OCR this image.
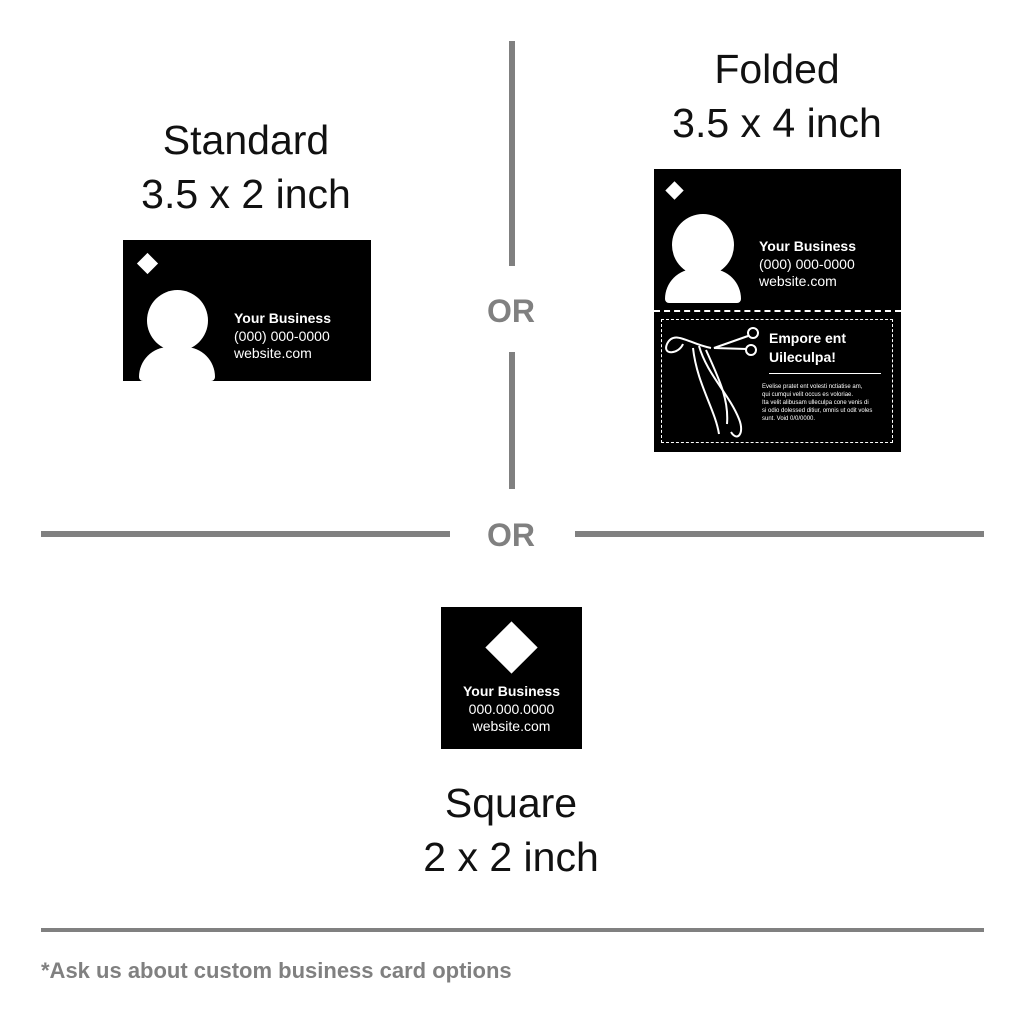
Standard
3.5 x 2 inch
Your Business
(000) 000-0000
website.com
OR
Folded
3.5 x 4 inch
Your Business
(000) 000-0000
website.com
Empore ent
Uileculpa!
Evelise pratet ent volesti nctiatise am,
qui cumqui velit occus es voloriae.
Ita velit alibusam ulleculpa cone venis di
si odio dolessed ditiur, omnis ut odit voles
sunt. Void 0/0/0000.
OR
Your Business
000.000.0000
website.com
Square
2 x 2 inch
*Ask us about custom business card options
